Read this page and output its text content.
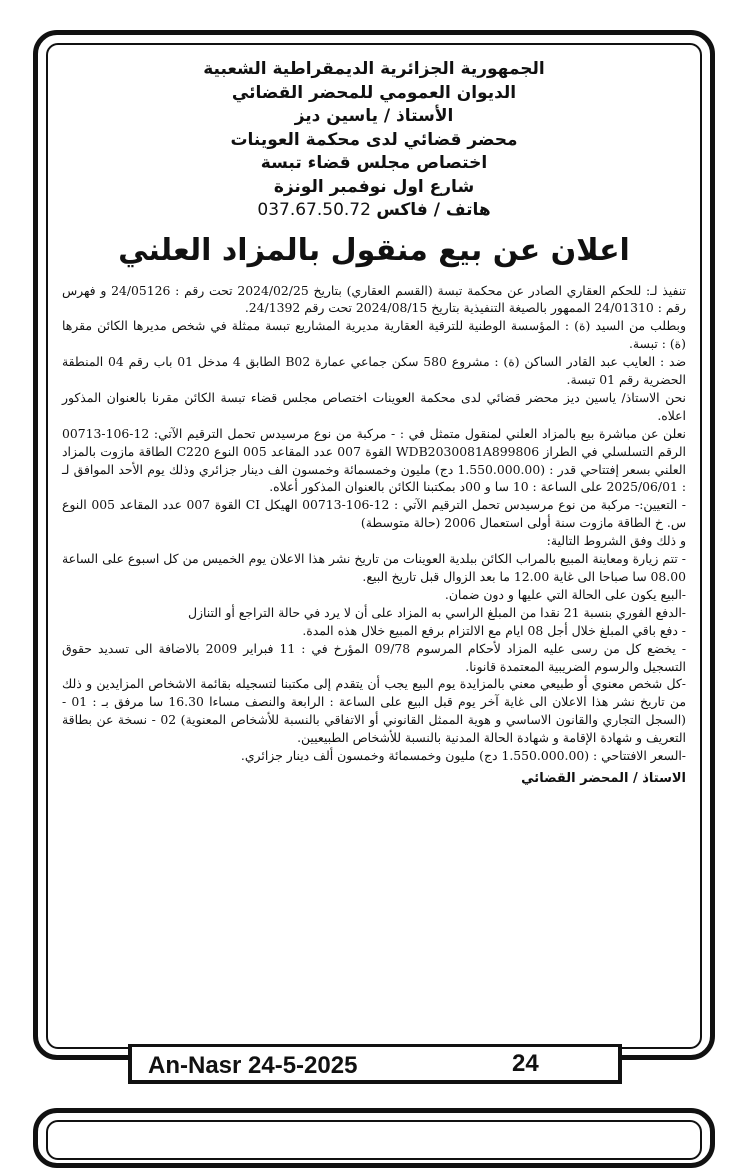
الجمهورية الجزائرية الديمقراطية الشعبية
الديوان العمومي للمحضر القضائي
الأستاذ / ياسين ديز
محضر قضائي لدى محكمة العوينات
اختصاص مجلس قضاء تبسة
شارع اول نوفمبر الونزة
هاتف / فاكس 037.67.50.72
اعلان عن بيع منقول بالمزاد العلني

تنفيذ لـ: للحكم العقاري الصادر عن محكمة تبسة (القسم العقاري) بتاريخ 2024/02/25 تحت رقم : 24/05126 و فهرس رقم : 24/01310 الممهور بالصيغة التنفيذية بتاريخ 2024/08/15 تحت رقم 24/1392.

وبطلب من السيد (ة) : المؤسسة الوطنية للترقية العقارية مديرية المشاريع تبسة ممثلة في شخص مديرها الكائن مقرها (ة) : تبسة.

ضد : العايب عبد القادر الساكن (ة) : مشروع 580 سكن جماعي عمارة B02 الطابق 4 مدخل 01 باب رقم 04 المنطقة الحضرية رقم 01 تبسة.

نحن الاستاذ/ ياسين ديز محضر قضائي لدى محكمة العوينات اختصاص مجلس قضاء تبسة الكائن مقرنا بالعنوان المذكور اعلاه.

نعلن عن مباشرة بيع بالمزاد العلني لمنقول متمثل في : - مركبة من نوع مرسيدس تحمل الترقيم الآتي: 12-106-00713 الرقم التسلسلي في الطراز WDB2030081A899806 القوة 007 عدد المقاعد 005 النوع C220 الطاقة مازوت بالمزاد العلني بسعر إفتتاحي قدر : (1.550.000.00 دج) مليون وخمسمائة وخمسون الف دينار جزائري وذلك يوم الأحد الموافق لـ : 2025/06/01 على الساعة : 10 سا و 00د بمكتبنا الكائن بالعنوان المذكور أعلاه.

- التعيين:- مركبة من نوع مرسيدس تحمل الترقيم الآتي : 12-106-00713 الهيكل CI القوة 007 عدد المقاعد 005 النوع س. خ الطاقة مازوت سنة أولى استعمال 2006 (حالة متوسطة)

و ذلك وفق الشروط التالية:

- تتم زيارة ومعاينة المبيع بالمراب الكائن ببلدية العوينات من تاريخ نشر هذا الاعلان يوم الخميس من كل اسبوع على الساعة 08.00 سا صباحا الى غاية 12.00 ما بعد الزوال قبل تاريخ البيع.

-البيع يكون على الحالة التي عليها و دون ضمان.

-الدفع الفوري بنسبة 21 نقدا من المبلغ الراسي به المزاد على أن لا يرد في حالة التراجع أو التنازل

- دفع باقي المبلغ خلال أجل 08 ايام مع الالتزام برفع المبيع خلال هذه المدة.

- يخضع كل من رسى عليه المزاد لأحكام المرسوم 09/78 المؤرخ في : 11 فبراير 2009 بالاضافة الى تسديد حقوق التسجيل والرسوم الضريبية المعتمدة قانونا.

-كل شخص معنوي أو طبيعي معني بالمزايدة يوم البيع يجب أن يتقدم إلى مكتبنا لتسجيله بقائمة الاشخاص المزايدين و ذلك من تاريخ نشر هذا الاعلان الى غاية آخر يوم قبل البيع على الساعة : الرابعة والنصف مساءا 16.30 سا مرفق بـ : 01 - (السجل التجاري والقانون الاساسي و هوية الممثل القانوني أو الاتفاقي بالنسبة للأشخاص المعنوية) 02 - نسخة عن بطاقة التعريف و شهادة الإقامة و شهادة الحالة المدنية بالنسبة للأشخاص الطبيعيين.

-السعر الافتتاحي : (1.550.000.00 دج) مليون وخمسمائة وخمسون ألف دينار جزائري.

الاستاذ / المحضر القضائي
An-Nasr 24-5-2025	24
